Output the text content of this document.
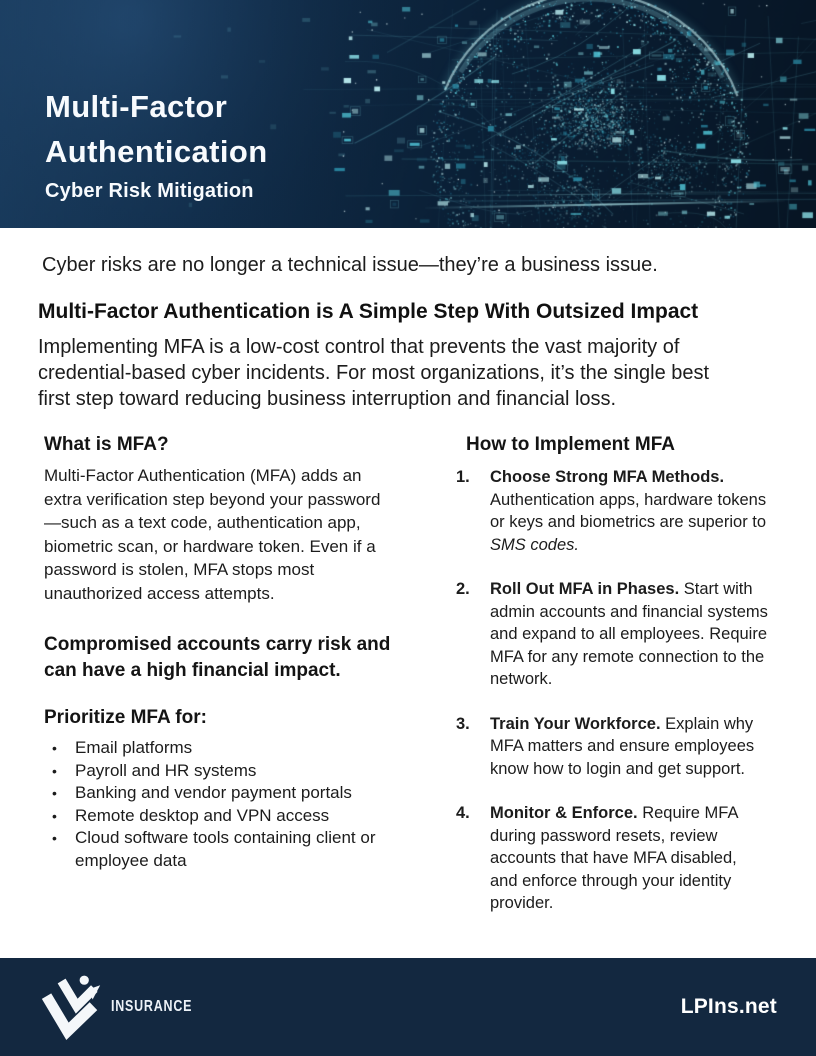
Multi-Factor
Authentication

Cyber Risk Mitigation

Cyber risks are no longer a technical issue—they’re a business issue.

Multi-Factor Authentication is A Simple Step With Outsized Impact

Implementing MFA is a low-cost control that prevents the vast majority of credential-based cyber incidents. For most organizations, it’s the single best first step toward reducing business interruption and financial loss.

What is MFA?

Multi-Factor Authentication (MFA) adds an extra verification step beyond your password—such as a text code, authentication app, biometric scan, or hardware token. Even if a password is stolen, MFA stops most unauthorized access attempts.

Compromised accounts carry risk and can have a high financial impact.

Prioritize MFA for:

•	Email platforms
•	Payroll and HR systems
•	Banking and vendor payment portals
•	Remote desktop and VPN access
•	Cloud software tools containing client or employee data
How to Implement MFA
1.	Choose Strong MFA Methods. Authentication apps, hardware tokens or keys and biometrics are superior to SMS codes.
2.	Roll Out MFA in Phases. Start with admin accounts and financial systems and expand to all employees. Require MFA for any remote connection to the network.
3.	Train Your Workforce. Explain why MFA matters and ensure employees know how to login and get support.
4.	Monitor & Enforce. Require MFA during password resets, review accounts that have MFA disabled, and enforce through your identity provider.
INSURANCE	LPIns.net
